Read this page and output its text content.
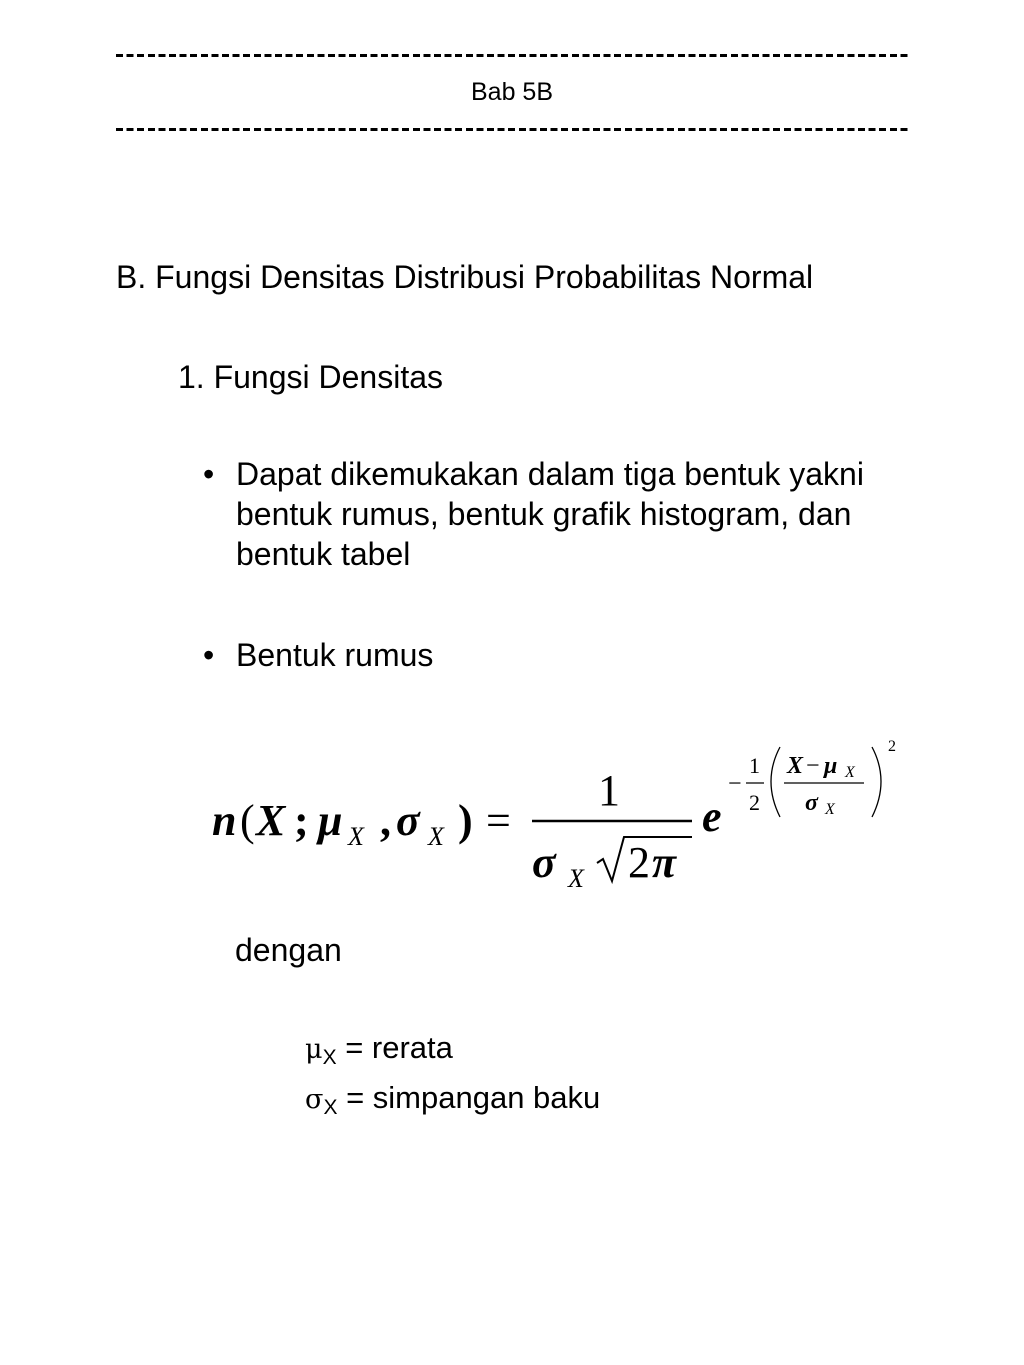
Bab 5B
B. Fungsi Densitas Distribusi Probabilitas Normal
1. Fungsi Densitas
• Dapat dikemukakan dalam tiga bentuk yakni bentuk rumus, bentuk grafik histogram, dan bentuk tabel
• Bentuk rumus
n ( X ; μ X , σ X ) =
1
σ X 2 π
e
−
1
2
X − μ X
σ X
2
dengan
$\mu_X$ = rerata
$\sigma_X$ = simpangan baku
